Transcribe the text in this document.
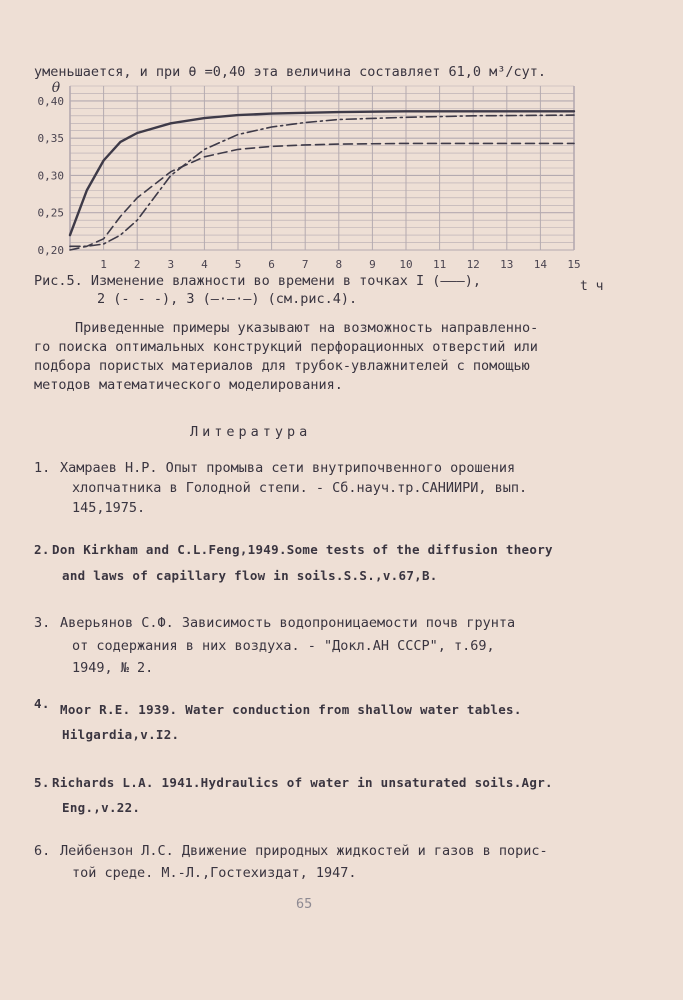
уменьшается, и при θ =0,40 эта величина составляет 61,0 м³/сут.
0,20
0,25
0,30
0,35
0,40
1 2 3 4 5 6 7 8 9 10 11 12 13 14 15
θ
t ч
Рис.5. Изменение влажности во времени в точках I (———),
2 (- - -), 3 (—·—·—) (см.рис.4).
Приведенные примеры указывают на возможность направленно-
го поиска оптимальных конструкций перфорационных отверстий или
подбора пористых материалов для трубок-увлажнителей с помощью
методов математического моделирования.
Литература
1. Хамраев Н.Р. Опыт промыва сети внутрипочвенного орошения
хлопчатника в Голодной степи. - Сб.науч.тр.САНИИРИ, вып.
145,1975.
2. Don Kirkham and C.L.Feng,1949.Some tests of the diffusion theory
and laws of capillary flow in soils.S.S.,v.67,B.
3. Аверьянов С.Ф. Зависимость водопроницаемости почв грунта
от содержания в них воздуха. - "Докл.АН СССР", т.69,
1949, № 2.
4. Moor R.E. 1939. Water conduction from shallow water tables.
Hilgardia,v.I2.
5. Richards L.A. 1941.Hydraulics of water in unsaturated soils.Agr.
Eng.,v.22.
6. Лейбензон Л.С. Движение природных жидкостей и газов в порис-
той среде. М.-Л.,Гостехиздат, 1947.
65
